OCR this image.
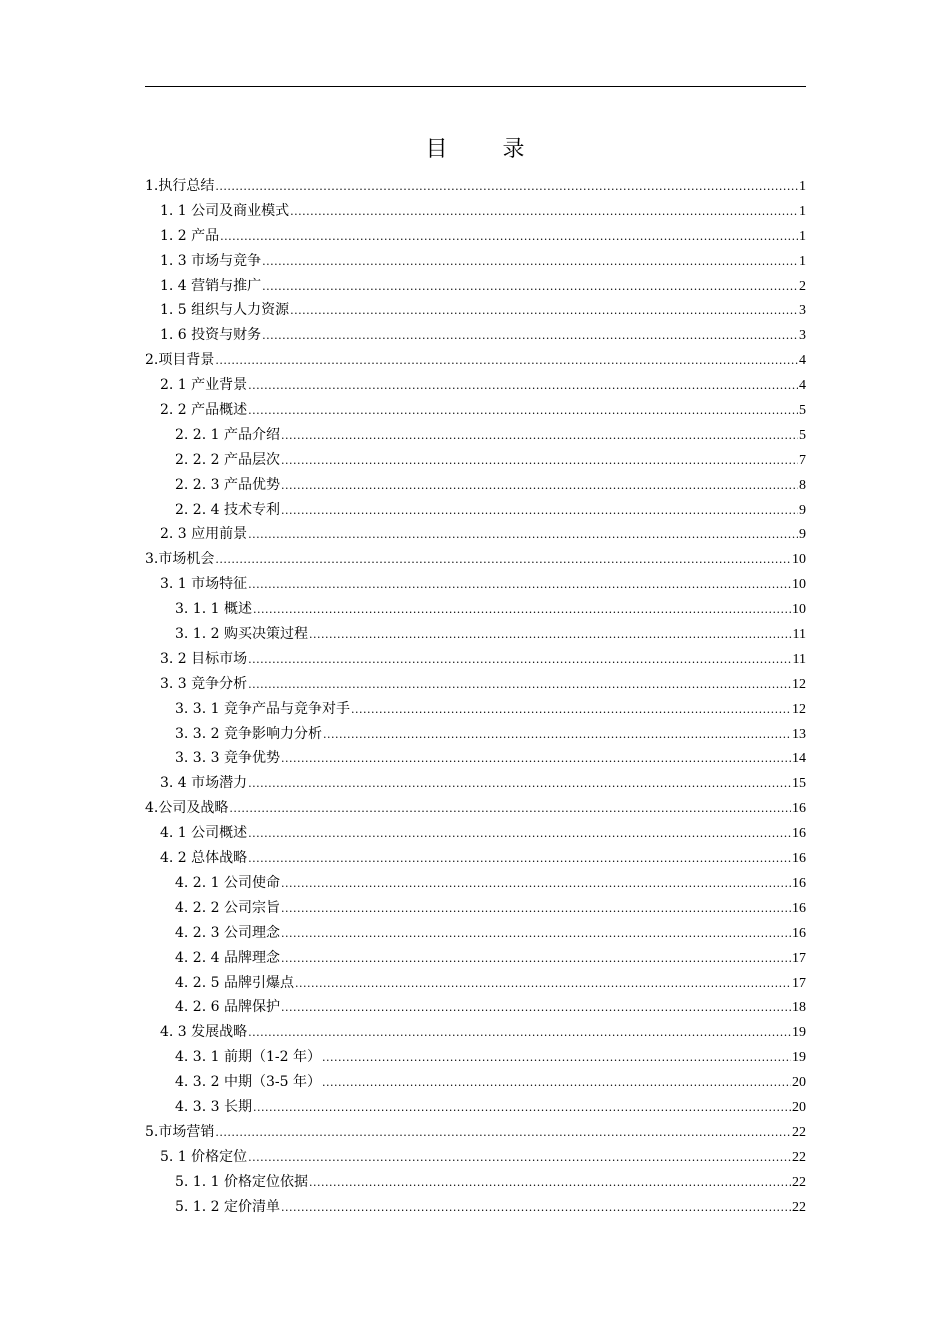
目 录
1.执行总结 .....	1
1. 1 公司及商业模式 .....	1
1. 2 产品 .....	1
1. 3 市场与竞争 .....	1
1. 4 营销与推广 .....	2
1. 5 组织与人力资源 .....	3
1. 6 投资与财务 .....	3
2.项目背景 .....	4
2. 1 产业背景 .....	4
2. 2 产品概述 .....	5
2. 2. 1 产品介绍 .....	5
2. 2. 2 产品层次 .....	7
2. 2. 3 产品优势 .....	8
2. 2. 4 技术专利 .....	9
2. 3 应用前景 .....	9
3.市场机会 .....	10
3. 1 市场特征 .....	10
3. 1. 1 概述 .....	10
3. 1. 2 购买决策过程 .....	11
3. 2 目标市场 .....	11
3. 3 竞争分析 .....	12
3. 3. 1 竞争产品与竞争对手 .....	12
3. 3. 2 竞争影响力分析 .....	13
3. 3. 3 竞争优势 .....	14
3. 4 市场潜力 .....	15
4.公司及战略 .....	16
4. 1 公司概述 .....	16
4. 2 总体战略 .....	16
4. 2. 1 公司使命 .....	16
4. 2. 2 公司宗旨 .....	16
4. 2. 3 公司理念 .....	16
4. 2. 4 品牌理念 .....	17
4. 2. 5 品牌引爆点 .....	17
4. 2. 6 品牌保护 .....	18
4. 3 发展战略 .....	19
4. 3. 1 前期（1-2 年） .....	19
4. 3. 2 中期（3-5 年） .....	20
4. 3. 3 长期 .....	20
5.市场营销 .....	22
5. 1 价格定位 .....	22
5. 1. 1 价格定位依据 .....	22
5. 1. 2 定价清单 .....	22
